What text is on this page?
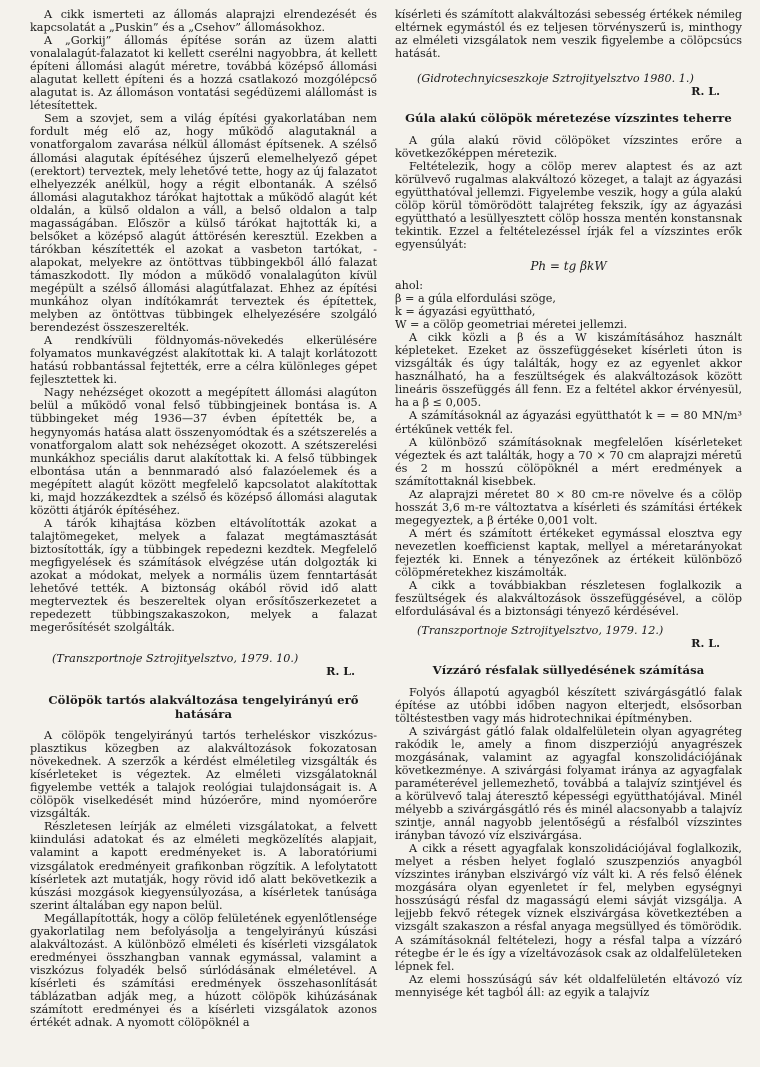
A cikk ismerteti az állomás alaprajzi elrendezését és kapcsolatát a „Puskin” és a „Csehov” állomásokhoz.

A „Gorkij” állomás építése során az üzem alatti vonalalagút-falazatot ki kellett cserélni nagyobbra, át kellett építeni állomási alagút méretre, továbbá középső állomási alagutat kellett építeni és a hozzá csatlakozó mozgólépcső alagutat is. Az állomáson vontatási segédüzemi alállomást is létesítettek.

Sem a szovjet, sem a világ építési gyakorlatában nem fordult még elő az, hogy működő alagutaknál a vonatforgalom zavarása nélkül állomást építsenek. A szélső állomási alagutak építéséhez újszerű elemelhelyező gépet (erektort) terveztek, mely lehetővé tette, hogy az új falazatot elhelyezzék anélkül, hogy a régit elbontanák. A szélső állomási alagutakhoz tárókat hajtottak a működő alagút két oldalán, a külső oldalon a váll, a belső oldalon a talp magasságában. Először a külső tárókat hajtották ki, a belsőket a középső alagút áttörésén keresztül. Ezekben a tárókban készítették el azokat a vasbeton tartókat, -alapokat, melyekre az öntöttvas tübbingekből álló falazat támaszkodott. Ily módon a működő vonalalagúton kívül megépült a szélső állomási alagútfalazat. Ehhez az építési munkához olyan indítókamrát terveztek és építettek, melyben az öntöttvas tübbingek elhelyezésére szolgáló berendezést összeszerelték.

A rendkívüli földnyomás-növekedés elkerülésére folyamatos munkavégzést alakítottak ki. A talajt korlátozott hatású robbantással fejtették, erre a célra különleges gépet fejlesztettek ki.

Nagy nehézséget okozott a megépített állomási alagúton belül a működő vonal felső tübbingjeinek bontása is. A tübbingeket még 1936—37 évben építették be, a hegynyomás hatása alatt összenyomódtak és a szétszerelés a vonatforgalom alatt sok nehézséget okozott. A szétszerelési munkákhoz speciális darut alakítottak ki. A felső tübbingek elbontása után a bennmaradó alsó falazóelemek és a megépített alagút között megfelelő kapcsolatot alakítottak ki, majd hozzákezdtek a szélső és középső állomási alagutak közötti átjárók építéséhez.

A tárók kihajtása közben eltávolították azokat a talajtömegeket, melyek a falazat megtámasztását biztosították, így a tübbingek repedezni kezdtek. Megfelelő megfigyelések és számítások elvégzése után dolgozták ki azokat a módokat, melyek a normális üzem fenntartását lehetővé tették. A biztonság okából rövid idő alatt megterveztek és beszereltek olyan erősítőszerkezetet a repedezett tübbingszakaszokon, melyek a falazat megerősítését szolgálták.

(Transzportnoje Sztrojityelsztvo, 1979. 10.)

R. L.

Cölöpök tartós alakváltozása tengelyirányú erő hatására

A cölöpök tengelyirányú tartós terheléskor viszkózus-plasztikus közegben az alakváltozások fokozatosan növekednek. A szerzők a kérdést elméletileg vizsgálták és kísérleteket is végeztek. Az elméleti vizsgálatoknál figyelembe vették a talajok reológiai tulajdonságait is. A cölöpök viselkedését mind húzóerőre, mind nyomóerőre vizsgálták.

Részletesen leírják az elméleti vizsgálatokat, a felvett kiindulási adatokat és az elméleti megközelítés alapjait, valamint a kapott eredményeket is. A laboratóriumi vizsgálatok eredményeit grafikonban rögzítik. A lefolytatott kísérletek azt mutatják, hogy rövid idő alatt bekövetkezik a kúszási mozgások kiegyensúlyozása, a kísérletek tanúsága szerint általában egy napon belül.

Megállapították, hogy a cölöp felületének egyenlőtlensége gyakorlatilag nem befolyásolja a tengelyirányú kúszási alakváltozást. A különböző elméleti és kísérleti vizsgálatok eredményei összhangban vannak egymással, valamint a viszkózus folyadék belső súrlódásának elméletével. A kísérleti és számítási eredmények összehasonlítását táblázatban adják meg, a húzott cölöpök kihúzásának számított eredményei és a kísérleti vizsgálatok azonos értékét adnak. A nyomott cölöpöknél a

kísérleti és számított alakváltozási sebesség értékek némileg eltérnek egymástól és ez teljesen törvényszerű is, minthogy az elméleti vizsgálatok nem veszik figyelembe a cölöpcsúcs hatását.

(Gidrotechnyicseszkoje Sztrojityelsztvo 1980. 1.)

R. L.

Gúla alakú cölöpök méretezése vízszintes teherre

A gúla alakú rövid cölöpöket vízszintes erőre a következőképpen méretezik.

Feltételezik, hogy a cölöp merev alaptest és az azt körülvevő rugalmas alakváltozó közeget, a talajt az ágyazási együtthatóval jellemzi. Figyelembe veszik, hogy a gúla alakú cölöp körül tömörödött talajréteg fekszik, így az ágyazási együttható a lesüllyesztett cölöp hossza mentén konstansnak tekintik. Ezzel a feltételezéssel írják fel a vízszintes erők egyensúlyát:

Ph = tg βkW

ahol:

β = a gúla elfordulási szöge,

k = ágyazási együttható,

W = a cölöp geometriai méretei jellemzi.

A cikk közli a β és a W kiszámításához használt képleteket. Ezeket az összefüggéseket kísérleti úton is vizsgálták és úgy találták, hogy ez az egyenlet akkor használható, ha a feszültségek és alakváltozások között lineáris összefüggés áll fenn. Ez a feltétel akkor érvényesül, ha a β ≤ 0,005.

A számításoknál az ágyazási együtthatót k = = 80 MN/m³ értékűnek vették fel.

A különböző számításoknak megfelelően kísérleteket végeztek és azt találták, hogy a 70 × 70 cm alaprajzi méretű és 2 m hosszú cölöpöknél a mért eredmények a számítottaknál kisebbek.

Az alaprajzi méretet 80 × 80 cm-re növelve és a cölöp hosszát 3,6 m-re változtatva a kísérleti és számítási értékek megegyeztek, a β értéke 0,001 volt.

A mért és számított értékeket egymással elosztva egy nevezetlen koefficienst kaptak, mellyel a méretarányokat fejezték ki. Ennek a tényezőnek az értékeit különböző cölöpméretekhez kiszámolták.

A cikk a továbbiakban részletesen foglalkozik a feszültségek és alakváltozások összefüggésével, a cölöp elfordulásával és a biztonsági tényező kérdésével.

(Transzportnoje Sztrojityelsztvo, 1979. 12.)

R. L.

Vízzáró résfalak süllyedésének számítása

Folyós állapotú agyagból készített szivárgásgátló falak építése az utóbbi időben nagyon elterjedt, elsősorban töltéstestben vagy más hidrotechnikai építményben.

A szivárgást gátló falak oldalfelületein olyan agyagréteg rakódik le, amely a finom diszperziójú anyagrészek mozgásának, valamint az agyagfal konszolidációjának következménye. A szivárgási folyamat iránya az agyagfalak paraméterével jellemezhető, továbbá a talajvíz szintjével és a körülvevő talaj áteresztő képességi együtthatójával. Minél mélyebb a szivárgásgátló rés és minél alacsonyabb a talajvíz szintje, annál nagyobb jelentőségű a résfalból vízszintes irányban távozó víz elszivárgása.

A cikk a résett agyagfalak konszolidációjával foglalkozik, melyet a résben helyet foglaló szuszpenziós anyagból vízszintes irányban elszivárgó víz vált ki. A rés felső élének mozgására olyan egyenletet ír fel, melyben egységnyi hosszúságú résfal dz magasságú elemi sávját vizsgálja. A lejjebb fekvő rétegek víznek elszivárgása következtében a vizsgált szakaszon a résfal anyaga megsüllyed és tömörödik. A számításoknál feltételezi, hogy a résfal talpa a vízzáró rétegbe ér le és így a vízeltávozások csak az oldalfelületeken lépnek fel.

Az elemi hosszúságú sáv két oldalfelületén eltávozó víz mennyisége két tagból áll: az egyik a talajvíz
